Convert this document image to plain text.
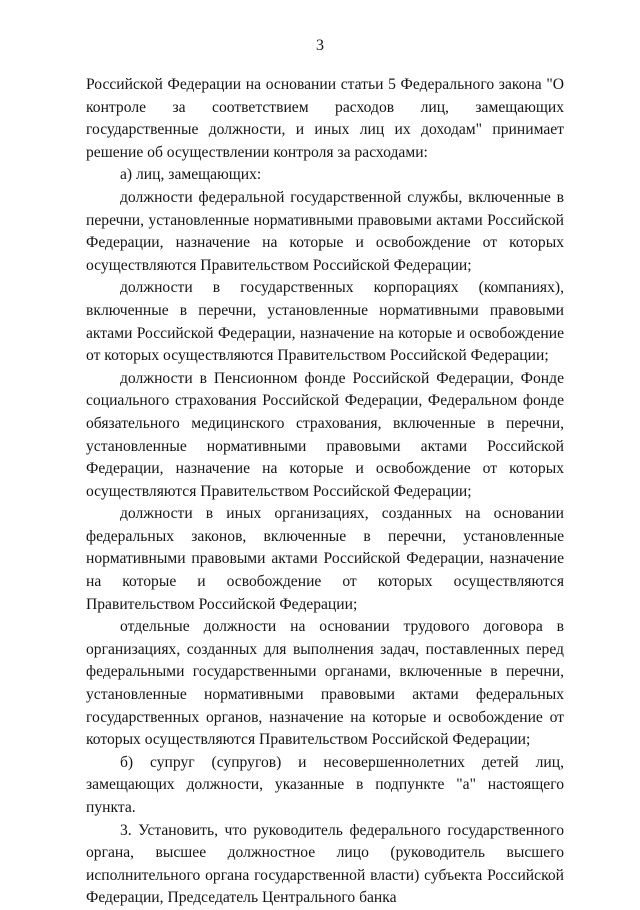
3

Российской Федерации на основании статьи 5 Федерального закона "О контроле за соответствием расходов лиц, замещающих государственные должности, и иных лиц их доходам" принимает решение об осуществлении контроля за расходами:

а) лиц, замещающих:

должности федеральной государственной службы, включенные в перечни, установленные нормативными правовыми актами Российской Федерации, назначение на которые и освобождение от которых осуществляются Правительством Российской Федерации;

должности в государственных корпорациях (компаниях), включенные в перечни, установленные нормативными правовыми актами Российской Федерации, назначение на которые и освобождение от которых осуществляются Правительством Российской Федерации;

должности в Пенсионном фонде Российской Федерации, Фонде социального страхования Российской Федерации, Федеральном фонде обязательного медицинского страхования, включенные в перечни, установленные нормативными правовыми актами Российской Федерации, назначение на которые и освобождение от которых осуществляются Правительством Российской Федерации;

должности в иных организациях, созданных на основании федеральных законов, включенные в перечни, установленные нормативными правовыми актами Российской Федерации, назначение на которые и освобождение от которых осуществляются Правительством Российской Федерации;

отдельные должности на основании трудового договора в организациях, созданных для выполнения задач, поставленных перед федеральными государственными органами, включенные в перечни, установленные нормативными правовыми актами федеральных государственных органов, назначение на которые и освобождение от которых осуществляются Правительством Российской Федерации;

б) супруг (супругов) и несовершеннолетних детей лиц, замещающих должности, указанные в подпункте "а" настоящего пункта.

3. Установить, что руководитель федерального государственного органа, высшее должностное лицо (руководитель высшего исполнительного органа государственной власти) субъекта Российской Федерации, Председатель Центрального банка
